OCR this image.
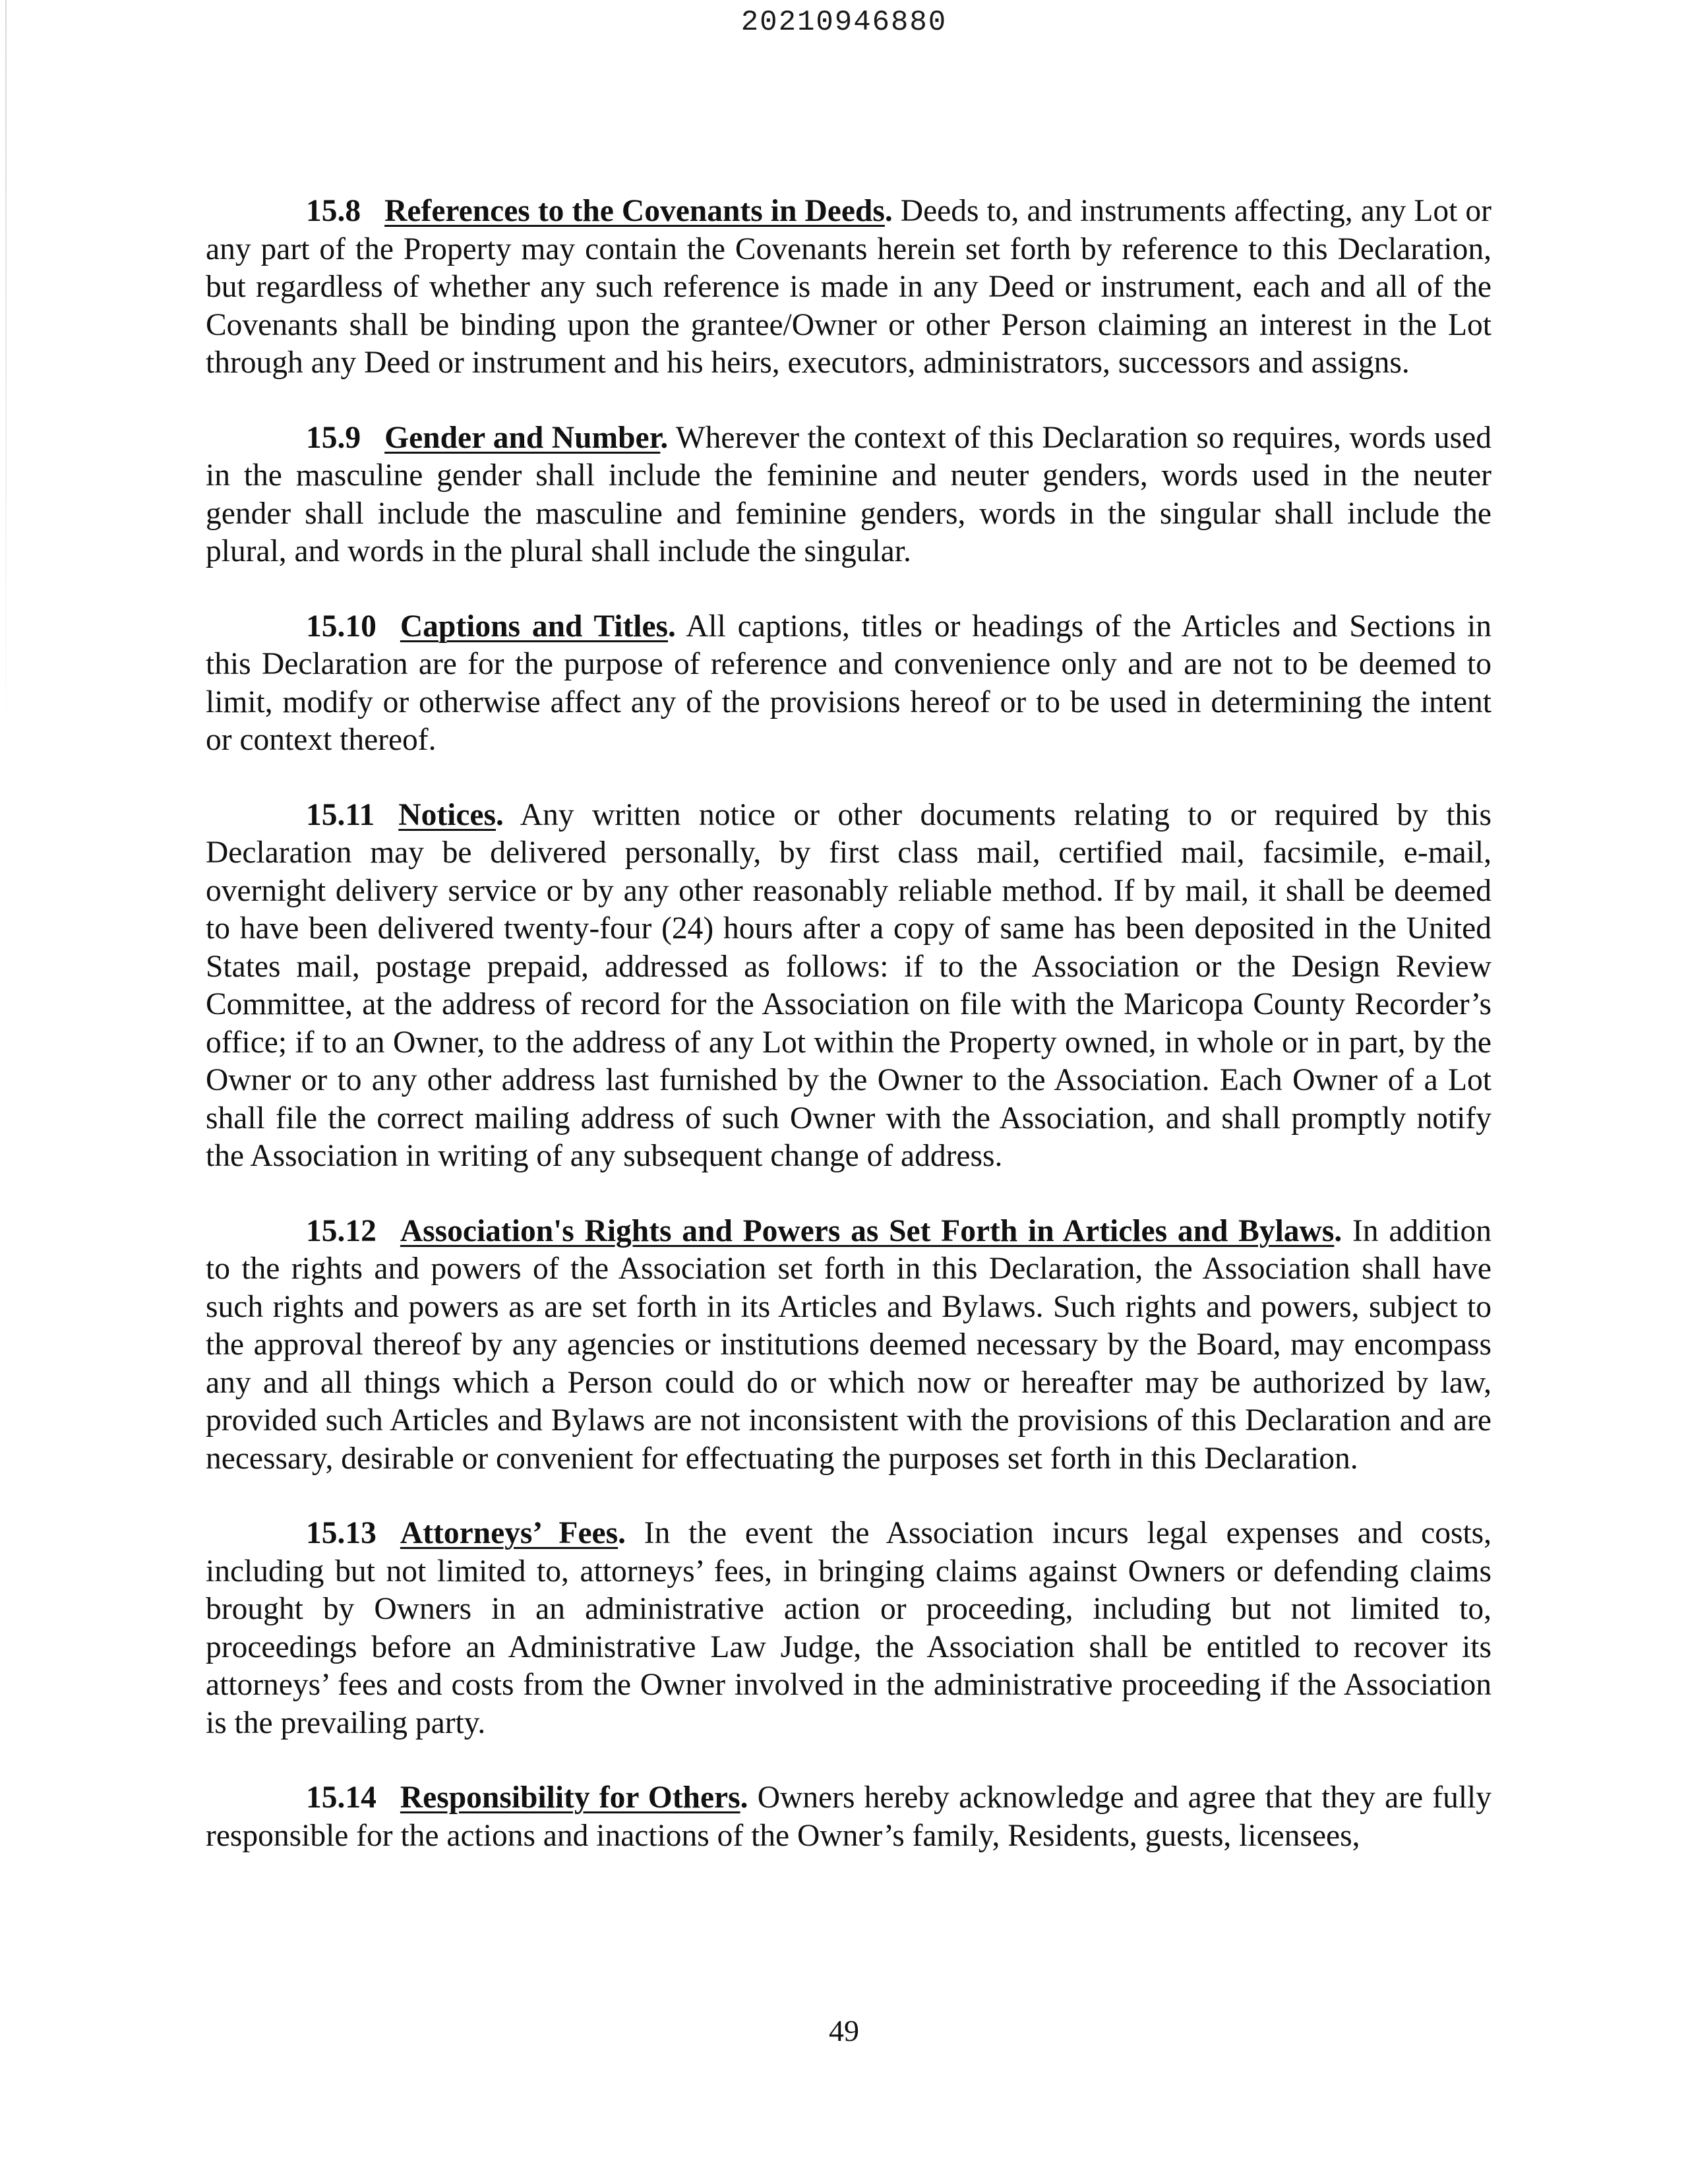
20210946880

15.8 References to the Covenants in Deeds. Deeds to, and instruments affecting, any Lot or any part of the Property may contain the Covenants herein set forth by reference to this Declaration, but regardless of whether any such reference is made in any Deed or instrument, each and all of the Covenants shall be binding upon the grantee/Owner or other Person claiming an interest in the Lot through any Deed or instrument and his heirs, executors, administrators, successors and assigns.

15.9 Gender and Number. Wherever the context of this Declaration so requires, words used in the masculine gender shall include the feminine and neuter genders, words used in the neuter gender shall include the masculine and feminine genders, words in the singular shall include the plural, and words in the plural shall include the singular.

15.10 Captions and Titles. All captions, titles or headings of the Articles and Sections in this Declaration are for the purpose of reference and convenience only and are not to be deemed to limit, modify or otherwise affect any of the provisions hereof or to be used in determining the intent or context thereof.

15.11 Notices. Any written notice or other documents relating to or required by this Declaration may be delivered personally, by first class mail, certified mail, facsimile, e-mail, overnight delivery service or by any other reasonably reliable method. If by mail, it shall be deemed to have been delivered twenty-four (24) hours after a copy of same has been deposited in the United States mail, postage prepaid, addressed as follows: if to the Association or the Design Review Committee, at the address of record for the Association on file with the Maricopa County Recorder’s office; if to an Owner, to the address of any Lot within the Property owned, in whole or in part, by the Owner or to any other address last furnished by the Owner to the Association. Each Owner of a Lot shall file the correct mailing address of such Owner with the Association, and shall promptly notify the Association in writing of any subsequent change of address.

15.12 Association's Rights and Powers as Set Forth in Articles and Bylaws. In addition to the rights and powers of the Association set forth in this Declaration, the Association shall have such rights and powers as are set forth in its Articles and Bylaws. Such rights and powers, subject to the approval thereof by any agencies or institutions deemed necessary by the Board, may encompass any and all things which a Person could do or which now or hereafter may be authorized by law, provided such Articles and Bylaws are not inconsistent with the provisions of this Declaration and are necessary, desirable or convenient for effectuating the purposes set forth in this Declaration.

15.13 Attorneys’ Fees. In the event the Association incurs legal expenses and costs, including but not limited to, attorneys’ fees, in bringing claims against Owners or defending claims brought by Owners in an administrative action or proceeding, including but not limited to, proceedings before an Administrative Law Judge, the Association shall be entitled to recover its attorneys’ fees and costs from the Owner involved in the administrative proceeding if the Association is the prevailing party.

15.14 Responsibility for Others. Owners hereby acknowledge and agree that they are fully responsible for the actions and inactions of the Owner’s family, Residents, guests, licensees,

49
